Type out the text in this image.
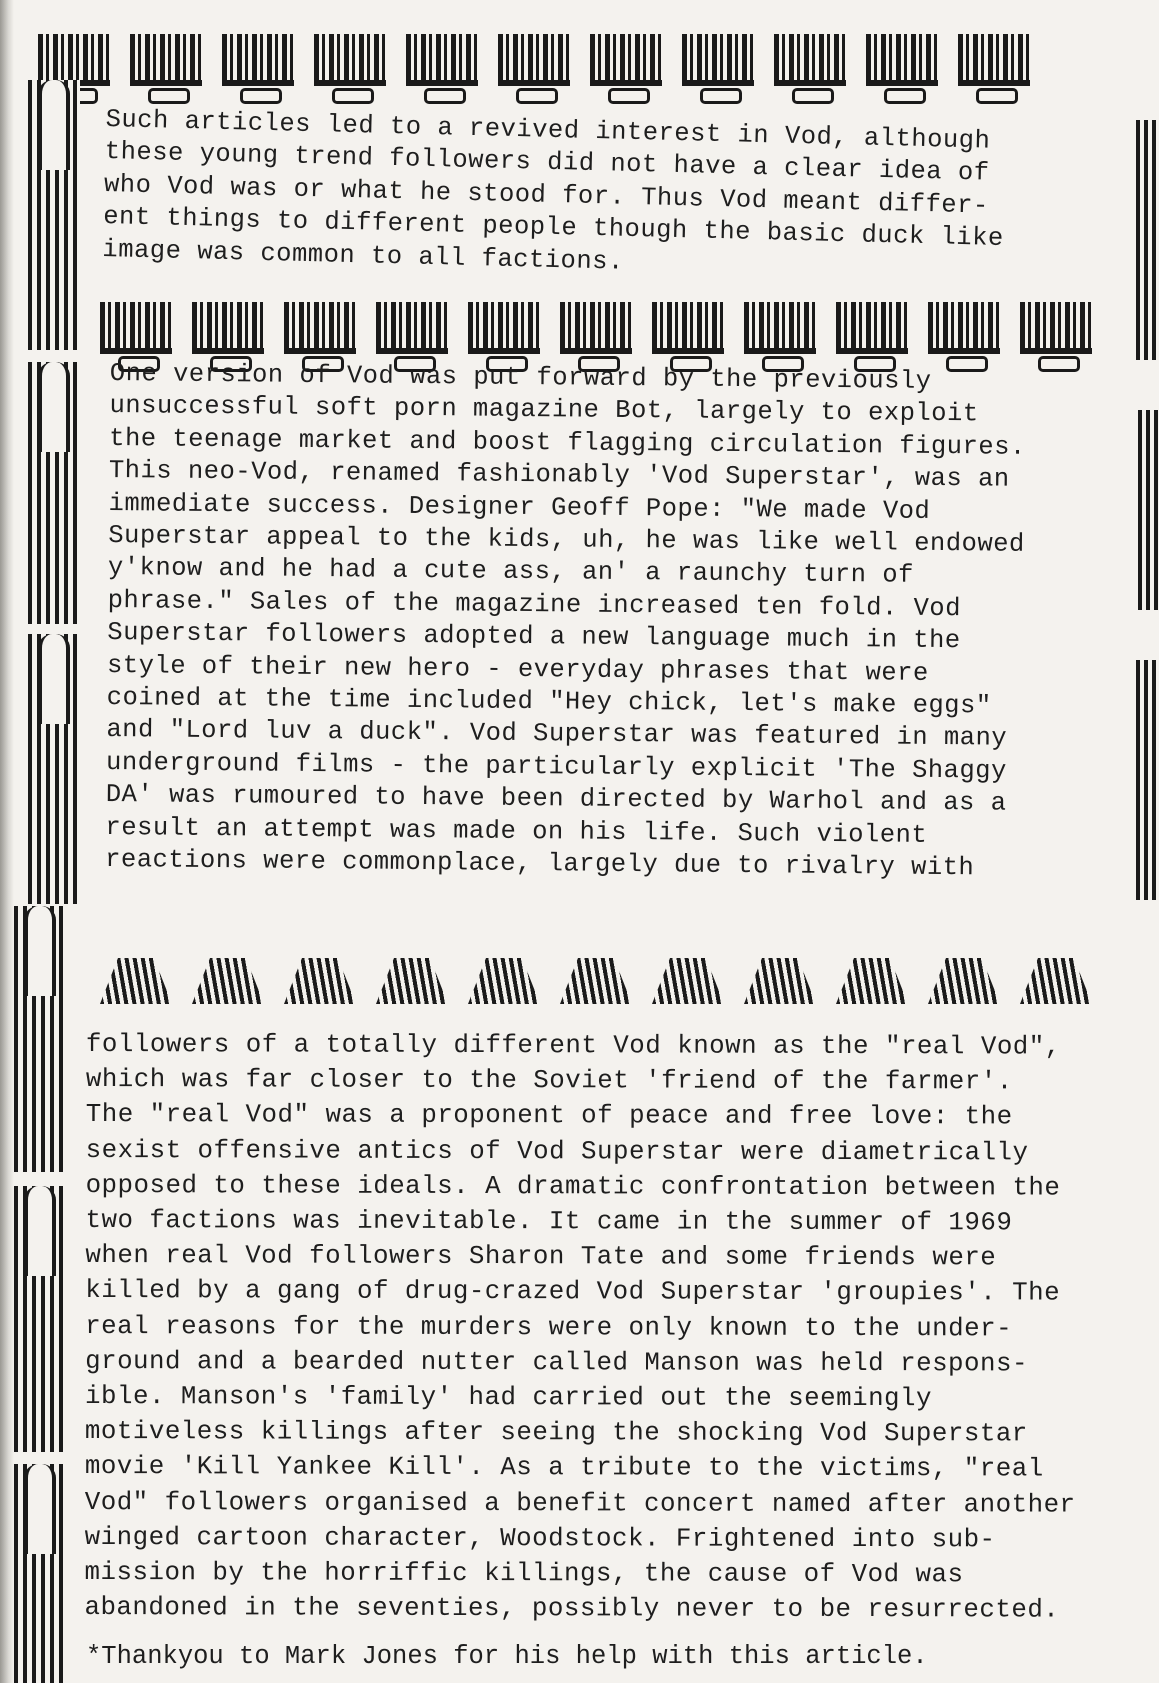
Such articles led to a revived interest in Vod, although
these young trend followers did not have a clear idea of
who Vod was or what he stood for. Thus Vod meant differ-
ent things to different people though the basic duck like
image was common to all factions.

One version of Vod was put forward by the previously
unsuccessful soft porn magazine Bot, largely to exploit
the teenage market and boost flagging circulation figures.
This neo-Vod, renamed fashionably 'Vod Superstar', was an
immediate success. Designer Geoff Pope: "We made Vod
Superstar appeal to the kids, uh, he was like well endowed
y'know and he had a cute ass, an' a raunchy turn of
phrase." Sales of the magazine increased ten fold. Vod
Superstar followers adopted a new language much in the
style of their new hero - everyday phrases that were
coined at the time included "Hey chick, let's make eggs"
and "Lord luv a duck". Vod Superstar was featured in many
underground films - the particularly explicit 'The Shaggy
DA' was rumoured to have been directed by Warhol and as a
result an attempt was made on his life. Such violent
reactions were commonplace, largely due to rivalry with

followers of a totally different Vod known as the "real Vod",
which was far closer to the Soviet 'friend of the farmer'.
The "real Vod" was a proponent of peace and free love: the
sexist offensive antics of Vod Superstar were diametrically
opposed to these ideals. A dramatic confrontation between the
two factions was inevitable. It came in the summer of 1969
when real Vod followers Sharon Tate and some friends were
killed by a gang of drug-crazed Vod Superstar 'groupies'. The
real reasons for the murders were only known to the under-
ground and a bearded nutter called Manson was held respons-
ible. Manson's 'family' had carried out the seemingly
motiveless killings after seeing the shocking Vod Superstar
movie 'Kill Yankee Kill'. As a tribute to the victims, "real
Vod" followers organised a benefit concert named after another
winged cartoon character, Woodstock. Frightened into sub-
mission by the horriffic killings, the cause of Vod was
abandoned in the seventies, possibly never to be resurrected.

*Thankyou to Mark Jones for his help with this article.
